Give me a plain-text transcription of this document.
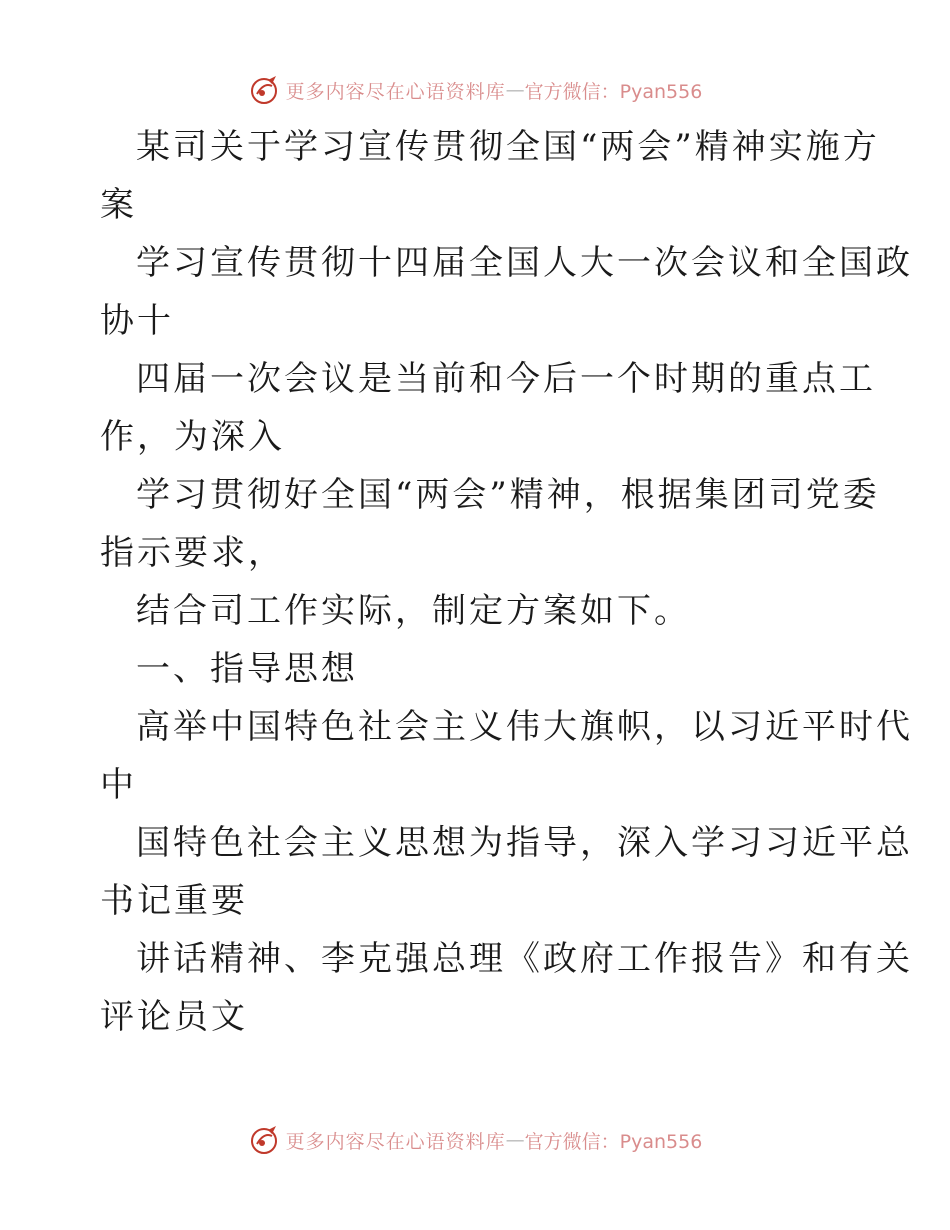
更多内容尽在心语资料库 — 官方微信：Pyan556

某司关于学习宣传贯彻全国“两会”精神实施方

案

学习宣传贯彻十四届全国人大一次会议和全国政

协十

四届一次会议是当前和今后一个时期的重点工

作，为深入

学习贯彻好全国“两会”精神，根据集团司党委

指示要求，

结合司工作实际，制定方案如下。

一、指导思想

高举中国特色社会主义伟大旗帜，以习近平时代

中

国特色社会主义思想为指导，深入学习习近平总

书记重要

讲话精神、李克强总理《政府工作报告》和有关

评论员文

更多内容尽在心语资料库 — 官方微信：Pyan556
